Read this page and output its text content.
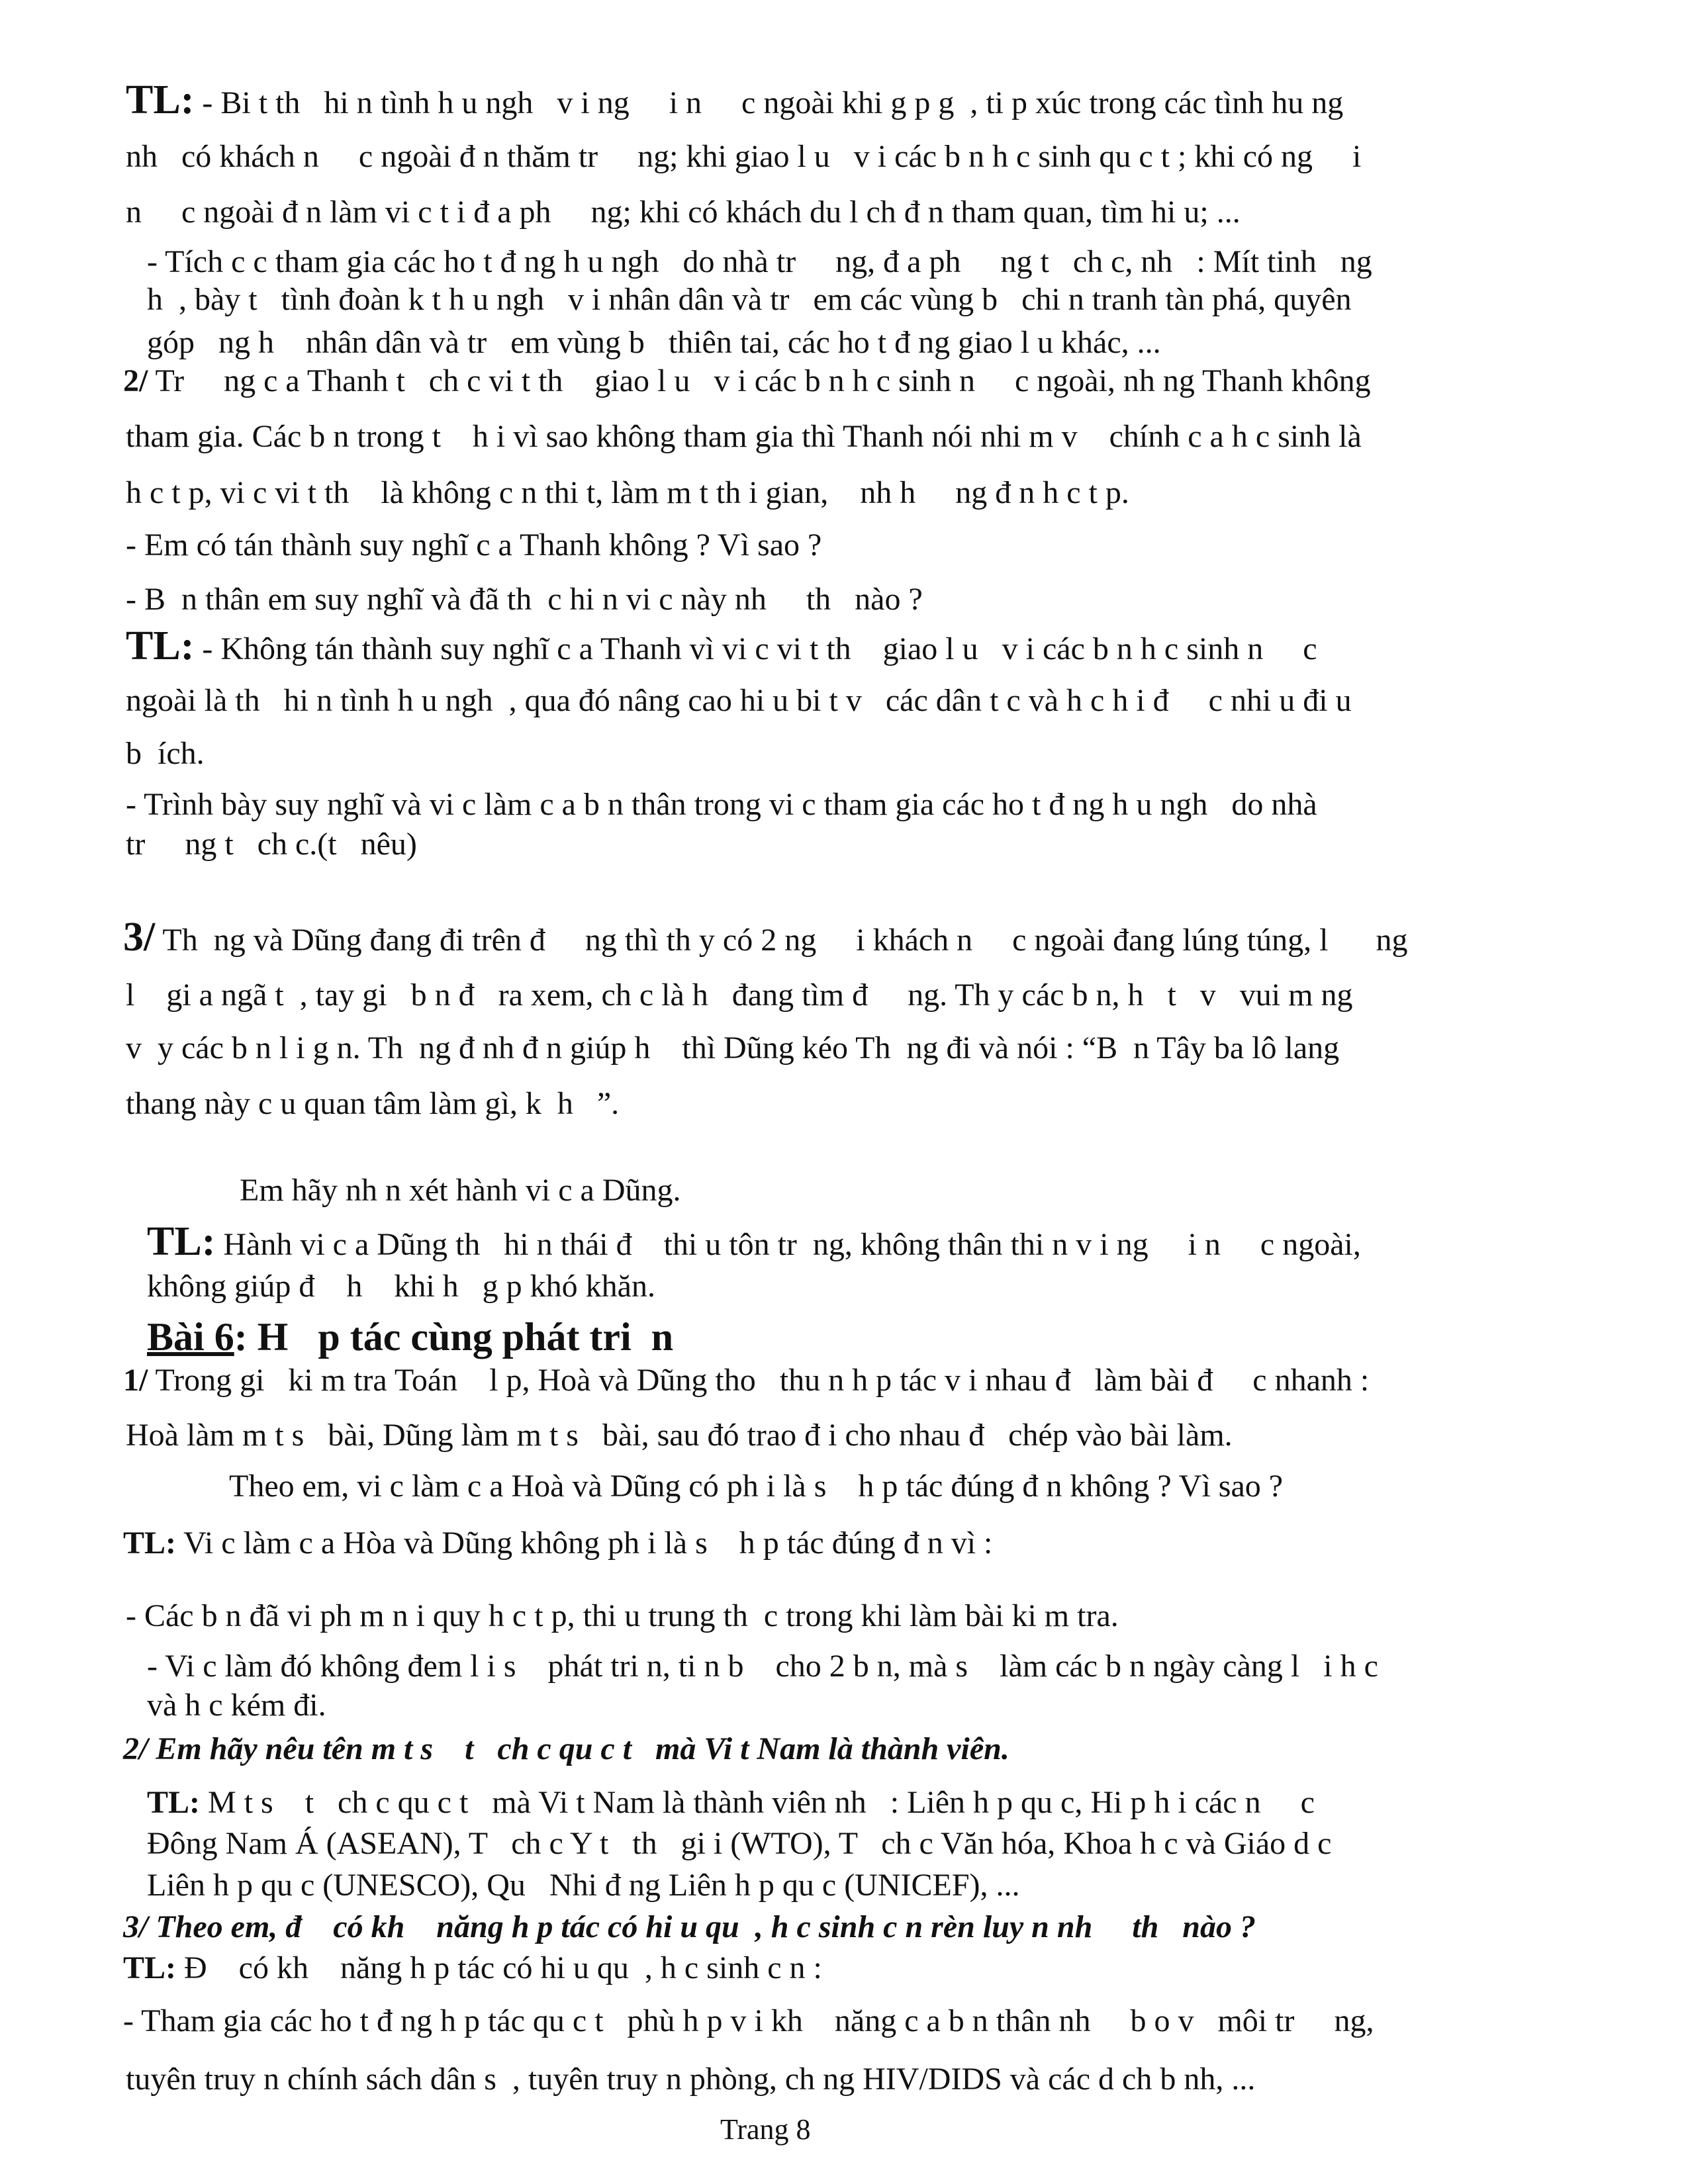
TL: - Bi t th   hi n tình h u ngh   v i ng     i n     c ngoài khi g p g  , ti p xúc trong các tình hu ng
nh   có khách n     c ngoài đ n thăm tr     ng; khi giao l u   v i các b n h c sinh qu c t ; khi có ng     i
n     c ngoài đ n làm vi c t i đ a ph     ng; khi có khách du l ch đ n tham quan, tìm hi u; ...
- Tích c c tham gia các ho t đ ng h u ngh   do nhà tr     ng, đ a ph     ng t   ch c, nh   : Mít tinh   ng
h  , bày t   tình đoàn k t h u ngh   v i nhân dân và tr   em các vùng b   chi n tranh tàn phá, quyên
góp   ng h    nhân dân và tr   em vùng b   thiên tai, các ho t đ ng giao l u khác, ...
2/ Tr     ng c a Thanh t   ch c vi t th    giao l u   v i các b n h c sinh n     c ngoài, nh ng Thanh không
tham gia. Các b n trong t    h i vì sao không tham gia thì Thanh nói nhi m v    chính c a h c sinh là
h c t p, vi c vi t th    là không c n thi t, làm m t th i gian,    nh h     ng đ n h c t p.
- Em có tán thành suy nghĩ c a Thanh không ? Vì sao ?
- B  n thân em suy nghĩ và đã th  c hi n vi c này nh     th   nào ?
TL: - Không tán thành suy nghĩ c a Thanh vì vi c vi t th    giao l u   v i các b n h c sinh n     c
ngoài là th   hi n tình h u ngh  , qua đó nâng cao hi u bi t v   các dân t c và h c h i đ     c nhi u đi u
b  ích.
- Trình bày suy nghĩ và vi c làm c a b n thân trong vi c tham gia các ho t đ ng h u ngh   do nhà
tr     ng t   ch c.(t   nêu)
3/ Th  ng và Dũng đang đi trên đ     ng thì th y có 2 ng     i khách n     c ngoài đang lúng túng, l      ng
l    gi a ngã t  , tay gi   b n đ   ra xem, ch c là h   đang tìm đ     ng. Th y các b n, h   t   v   vui m ng
v  y các b n l i g n. Th  ng đ nh đ n giúp h    thì Dũng kéo Th  ng đi và nói : “B  n Tây ba lô lang
thang này c u quan tâm làm gì, k  h   ”.
Em hãy nh n xét hành vi c a Dũng.
TL: Hành vi c a Dũng th   hi n thái đ    thi u tôn tr  ng, không thân thi n v i ng     i n     c ngoài,
không giúp đ    h    khi h   g p khó khăn.
Bài 6: H   p tác cùng phát tri  n
1/ Trong gi   ki m tra Toán    l p, Hoà và Dũng tho   thu n h p tác v i nhau đ   làm bài đ     c nhanh :
Hoà làm m t s   bài, Dũng làm m t s   bài, sau đó trao đ i cho nhau đ   chép vào bài làm.
Theo em, vi c làm c a Hoà và Dũng có ph i là s    h p tác đúng đ n không ? Vì sao ?
TL: Vi c làm c a Hòa và Dũng không ph i là s    h p tác đúng đ n vì :
- Các b n đã vi ph m n i quy h c t p, thi u trung th  c trong khi làm bài ki m tra.
- Vi c làm đó không đem l i s    phát tri n, ti n b    cho 2 b n, mà s    làm các b n ngày càng l   i h c
và h c kém đi.
2/ Em hãy nêu tên m t s    t   ch c qu c t   mà Vi t Nam là thành viên.
TL: M t s    t   ch c qu c t   mà Vi t Nam là thành viên nh   : Liên h p qu c, Hi p h i các n     c
Đông Nam Á (ASEAN), T   ch c Y t   th   gi i (WTO), T   ch c Văn hóa, Khoa h c và Giáo d c
Liên h p qu c (UNESCO), Qu   Nhi đ ng Liên h p qu c (UNICEF), ...
3/ Theo em, đ    có kh    năng h p tác có hi u qu  , h c sinh c n rèn luy n nh     th   nào ?
TL: Đ    có kh    năng h p tác có hi u qu  , h c sinh c n :
- Tham gia các ho t đ ng h p tác qu c t   phù h p v i kh    năng c a b n thân nh     b o v   môi tr     ng,
tuyên truy n chính sách dân s  , tuyên truy n phòng, ch ng HIV/DIDS và các d ch b nh, ...
Trang 8
